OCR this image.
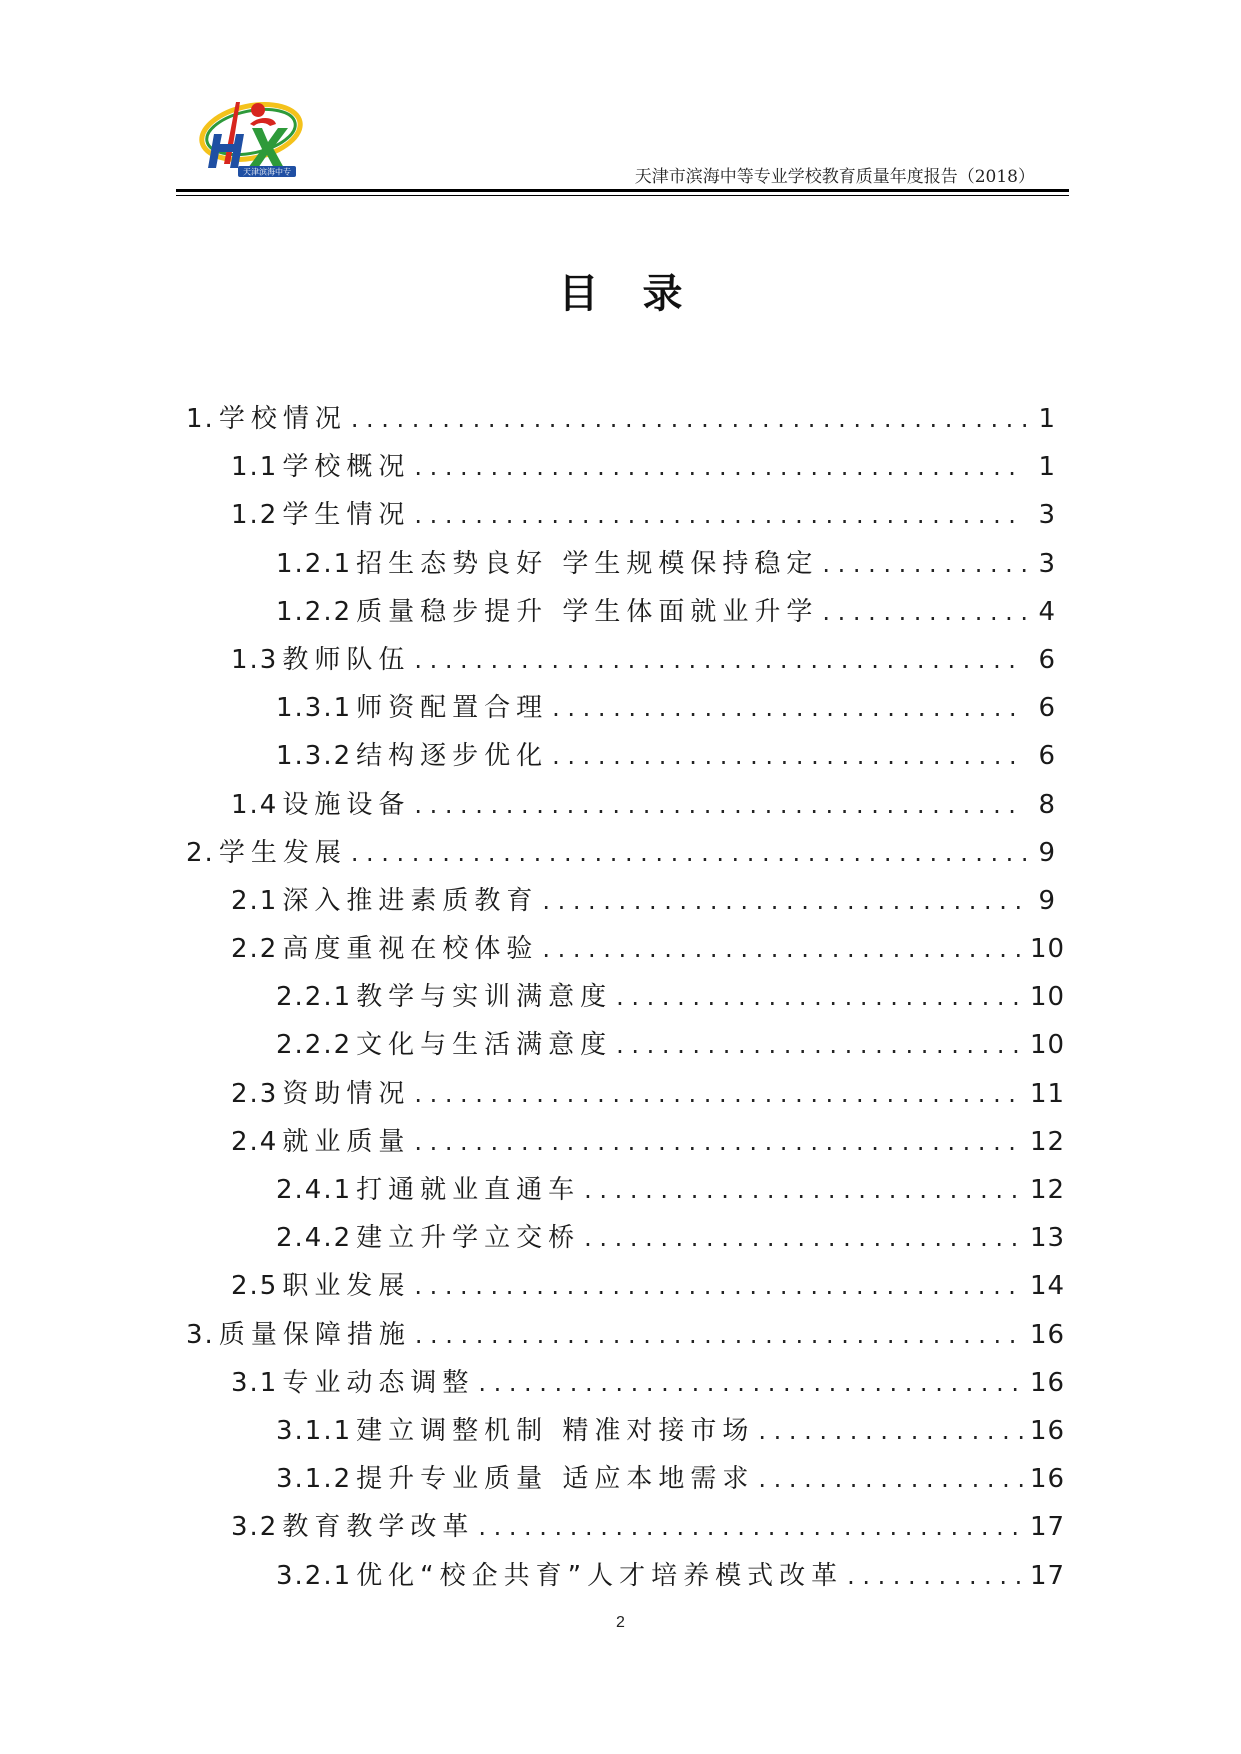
天津滨海中专	天津市滨海中等专业学校教育质量年度报告（2018）
目录
1. 学校情况 .....	1
1.1 学校概况 .....	1
1.2 学生情况 .....	3
1.2.1 招生态势良好 学生规模保持稳定 .....	3
1.2.2 质量稳步提升 学生体面就业升学 .....	4
1.3 教师队伍 .....	6
1.3.1 师资配置合理 .....	6
1.3.2 结构逐步优化 .....	6
1.4 设施设备 .....	8
2. 学生发展 .....	9
2.1 深入推进素质教育 .....	9
2.2 高度重视在校体验 .....	10
2.2.1 教学与实训满意度 .....	10
2.2.2 文化与生活满意度 .....	10
2.3 资助情况 .....	11
2.4 就业质量 .....	12
2.4.1 打通就业直通车 .....	12
2.4.2 建立升学立交桥 .....	13
2.5 职业发展 .....	14
3. 质量保障措施 .....	16
3.1 专业动态调整 .....	16
3.1.1 建立调整机制 精准对接市场 .....	16
3.1.2 提升专业质量 适应本地需求 .....	16
3.2 教育教学改革 .....	17
3.2.1 优化“校企共育”人才培养模式改革 .....	17
2
